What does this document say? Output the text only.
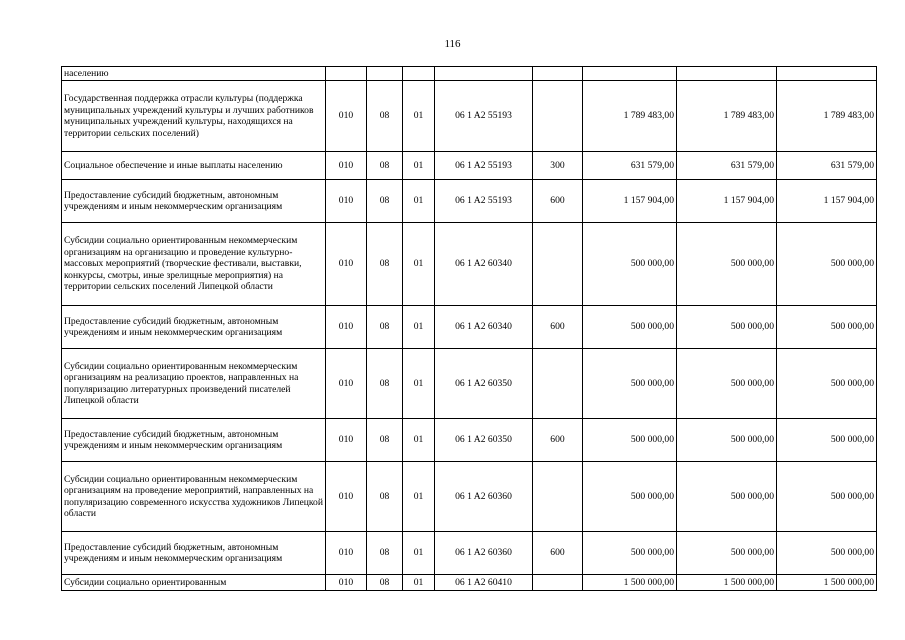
116
населению								
Государственная поддержка отрасли культуры (поддержка муниципальных учреждений культуры и лучших работников муниципальных учреждений культуры, находящихся на территории сельских поселений)	010	08	01	06 1 A2 55193		1 789 483,00	1 789 483,00	1 789 483,00
Социальное обеспечение и иные выплаты населению	010	08	01	06 1 A2 55193	300	631 579,00	631 579,00	631 579,00
Предоставление субсидий бюджетным, автономным учреждениям и иным некоммерческим организациям	010	08	01	06 1 A2 55193	600	1 157 904,00	1 157 904,00	1 157 904,00
Субсидии социально ориентированным некоммерческим организациям на организацию и проведение культурно-массовых мероприятий (творческие фестивали, выставки, конкурсы, смотры, иные зрелищные мероприятия) на территории сельских поселений Липецкой области	010	08	01	06 1 A2 60340		500 000,00	500 000,00	500 000,00
Предоставление субсидий бюджетным, автономным учреждениям и иным некоммерческим организациям	010	08	01	06 1 A2 60340	600	500 000,00	500 000,00	500 000,00
Субсидии социально ориентированным некоммерческим организациям на реализацию проектов, направленных на популяризацию литературных произведений писателей Липецкой области	010	08	01	06 1 A2 60350		500 000,00	500 000,00	500 000,00
Предоставление субсидий бюджетным, автономным учреждениям и иным некоммерческим организациям	010	08	01	06 1 A2 60350	600	500 000,00	500 000,00	500 000,00
Субсидии социально ориентированным некоммерческим организациям на проведение мероприятий, направленных на популяризацию современного искусства художников Липецкой области	010	08	01	06 1 A2 60360		500 000,00	500 000,00	500 000,00
Предоставление субсидий бюджетным, автономным учреждениям и иным некоммерческим организациям	010	08	01	06 1 A2 60360	600	500 000,00	500 000,00	500 000,00
Субсидии социально ориентированным	010	08	01	06 1 A2 60410		1 500 000,00	1 500 000,00	1 500 000,00
